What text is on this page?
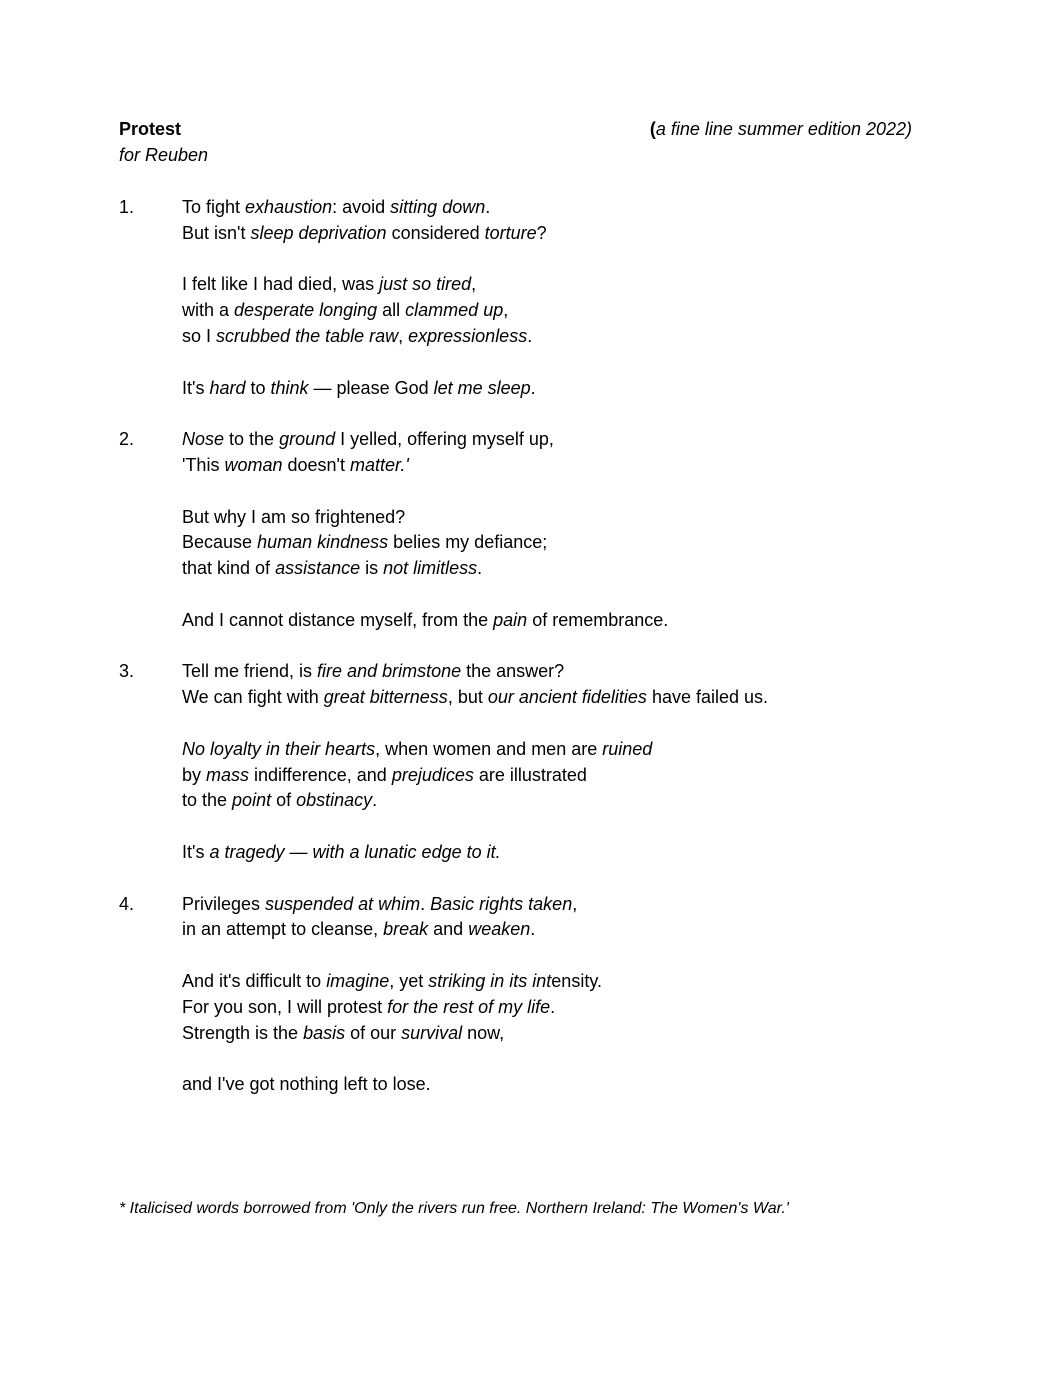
Protest	(a fine line summer edition 2022)
for Reuben
1.	To fight exhaustion: avoid sitting down.
But isn't sleep deprivation considered torture?
I felt like I had died, was just so tired,
with a desperate longing all clammed up,
so I scrubbed the table raw, expressionless.
It's hard to think — please God let me sleep.
2.	Nose to the ground I yelled, offering myself up,
'This woman doesn't matter.'
But why I am so frightened?
Because human kindness belies my defiance;
that kind of assistance is not limitless.
And I cannot distance myself, from the pain of remembrance.
3.	Tell me friend, is fire and brimstone the answer?
We can fight with great bitterness, but our ancient fidelities have failed us.
No loyalty in their hearts, when women and men are ruined
by mass indifference, and prejudices are illustrated
to the point of obstinacy.
It's a tragedy — with a lunatic edge to it.
4.	Privileges suspended at whim. Basic rights taken,
in an attempt to cleanse, break and weaken.
And it's difficult to imagine, yet striking in its intensity.
For you son, I will protest for the rest of my life.
Strength is the basis of our survival now,
and I've got nothing left to lose.
* Italicised words borrowed from 'Only the rivers run free. Northern Ireland: The Women's War.'
